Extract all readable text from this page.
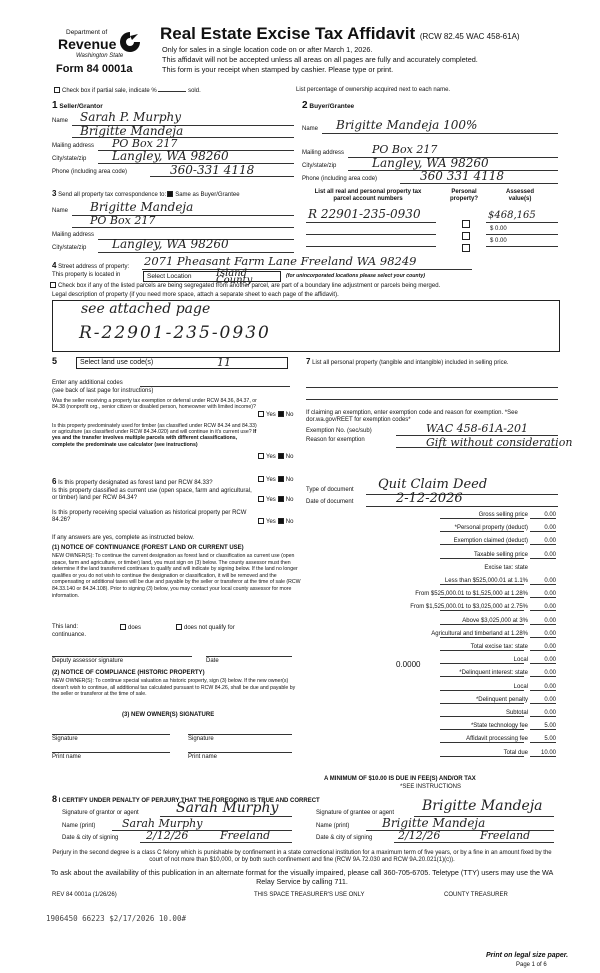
Department of
Revenue
Washington State
Form 84 0001a
Real Estate Excise Tax Affidavit (RCW 82.45 WAC 458-61A)
Only for sales in a single location code on or after March 1, 2026.
This affidavit will not be accepted unless all areas on all pages are fully and accurately completed.
This form is your receipt when stamped by cashier. Please type or print.
Check box if partial sale, indicate %	sold.	List percentage of ownership acquired next to each name.
1 Seller/Grantor
Name Sarah P. Murphy
Brigitte Mandeja
Mailing address PO Box 217
City/state/zip Langley, WA 98260
Phone (including area code)	360-331 4118
2 Buyer/Grantee
Name Brigitte Mandeja 100%
Mailing address	PO Box 217
City/state/zip	Langley, WA 98260
Phone (including area code)	360 331 4118
3 Send all property tax correspondence to: Same as Buyer/Grantee
Name Brigitte Mandeja
PO Box 217
Mailing address
City/state/zip Langley, WA 98260
List all real and personal property tax
parcel account numbers
Personal
property?
Assessed
value(s)
R 22901-235-0930	$468,165
$ 0.00
$ 0.00
4 Street address of property: 2071 Pheasant Farm Lane Freeland WA 98249
This property is located in	Select Location Island County	(for unincorporated locations please select your county)
Check box if any of the listed parcels are being segregated from another parcel, are part of a boundary line adjustment or parcels being merged.
Legal description of property (if you need more space, attach a separate sheet to each page of the affidavit).
see attached page
R-22901-235-0930
5	Select land use code(s)	11
Enter any additional codes
(see back of last page for instructions)
Was the seller receiving a property tax exemption or deferral under RCW 84.36, 84.37, or 84.38 (nonprofit org., senior citizen or disabled person, homeowner with limited income)?
Yes No
Is this property predominately used for timber (as classified under RCW 84.34 and 84.33) or agriculture (as classified under RCW 84.34.020) and will continue in it's current use? If yes and the transfer involves multiple parcels with different classifications, complete the predominate use calculator (see instructions)
Yes No
6 Is this property designated as forest land per RCW 84.33?	Yes No
Is this property classified as current use (open space, farm and agricultural, or timber) land per RCW 84.34?	Yes No
Is this property receiving special valuation as historical property per RCW 84.26?	Yes No
If any answers are yes, complete as instructed below.
(1) NOTICE OF CONTINUANCE (FOREST LAND OR CURRENT USE)
NEW OWNER(S): To continue the current designation as forest land or classification as current use (open space, farm and agriculture, or timber) land, you must sign on (3) below. The county assessor must then determine if the land transferred continues to qualify and will indicate by signing below. If the land no longer qualifies or you do not wish to continue the designation or classification, it will be removed and the compensating or additional taxes will be due and payable by the seller or transferor at the time of sale (RCW 84.33.140 or 84.34.108). Prior to signing (3) below, you may contact your local county assessor for more information.
This land:	does	does not qualify for
continuance.
Deputy assessor signature	Date
(2) NOTICE OF COMPLIANCE (HISTORIC PROPERTY)
NEW OWNER(S): To continue special valuation as historic property, sign (3) below. If the new owner(s) doesn't wish to continue, all additional tax calculated pursuant to RCW 84.26, shall be due and payable by the seller or transferor at the time of sale.
(3) NEW OWNER(S) SIGNATURE
Signature	Signature
Print name	Print name
7 List all personal property (tangible and intangible) included in selling price.
If claiming an exemption, enter exemption code and reason for exemption. *See dor.wa.gov/REET for exemption codes*
Exemption No. (sec/sub)	WAC 458-61A-201
Reason for exemption	Gift without consideration
Type of document Quit Claim Deed
Date of document	2-12-2026
Gross selling price	0.00
*Personal property (deduct)	0.00
Exemption claimed (deduct)	0.00
Taxable selling price	0.00
Excise tax: state
Less than $525,000.01 at 1.1%	0.00
From $525,000.01 to $1,525,000 at 1.28%	0.00
From $1,525,000.01 to $3,025,000 at 2.75%	0.00
Above $3,025,000 at 3%	0.00
Agricultural and timberland at 1.28%	0.00
Total excise tax: state	0.00
Local	0.00
*Delinquent interest: state	0.00
Local	0.00
*Delinquent penalty	0.00
Subtotal	0.00
*State technology fee	5.00
Affidavit processing fee	5.00
Total due	10.00
0.0000
A MINIMUM OF $10.00 IS DUE IN FEE(S) AND/OR TAX
*SEE INSTRUCTIONS
8 I CERTIFY UNDER PENALTY OF PERJURY THAT THE FOREGOING IS TRUE AND CORRECT
Signature of grantor or agent	Sarah Murphy
Name (print) Sarah Murphy
Date & city of signing	2/12/26	Freeland
Signature of grantee or agent Brigitte Mandeja
Name (print)	Brigitte Mandeja
Date & city of signing 2/12/26	Freeland
Perjury in the second degree is a class C felony which is punishable by confinement in a state correctional institution for a maximum term of five years, or by a fine in an amount fixed by the court of not more than $10,000, or by both such confinement and fine (RCW 9A.72.030 and RCW 9A.20.021(1)(c)).
To ask about the availability of this publication in an alternate format for the visually impaired, please call 360-705-6705. Teletype (TTY) users may use the WA Relay Service by calling 711.
REV 84 0001a (1/26/26)	THIS SPACE TREASURER'S USE ONLY	COUNTY TREASURER
1906450 66223 $2/17/2026 10.00#
Print on legal size paper.
Page 1 of 6
